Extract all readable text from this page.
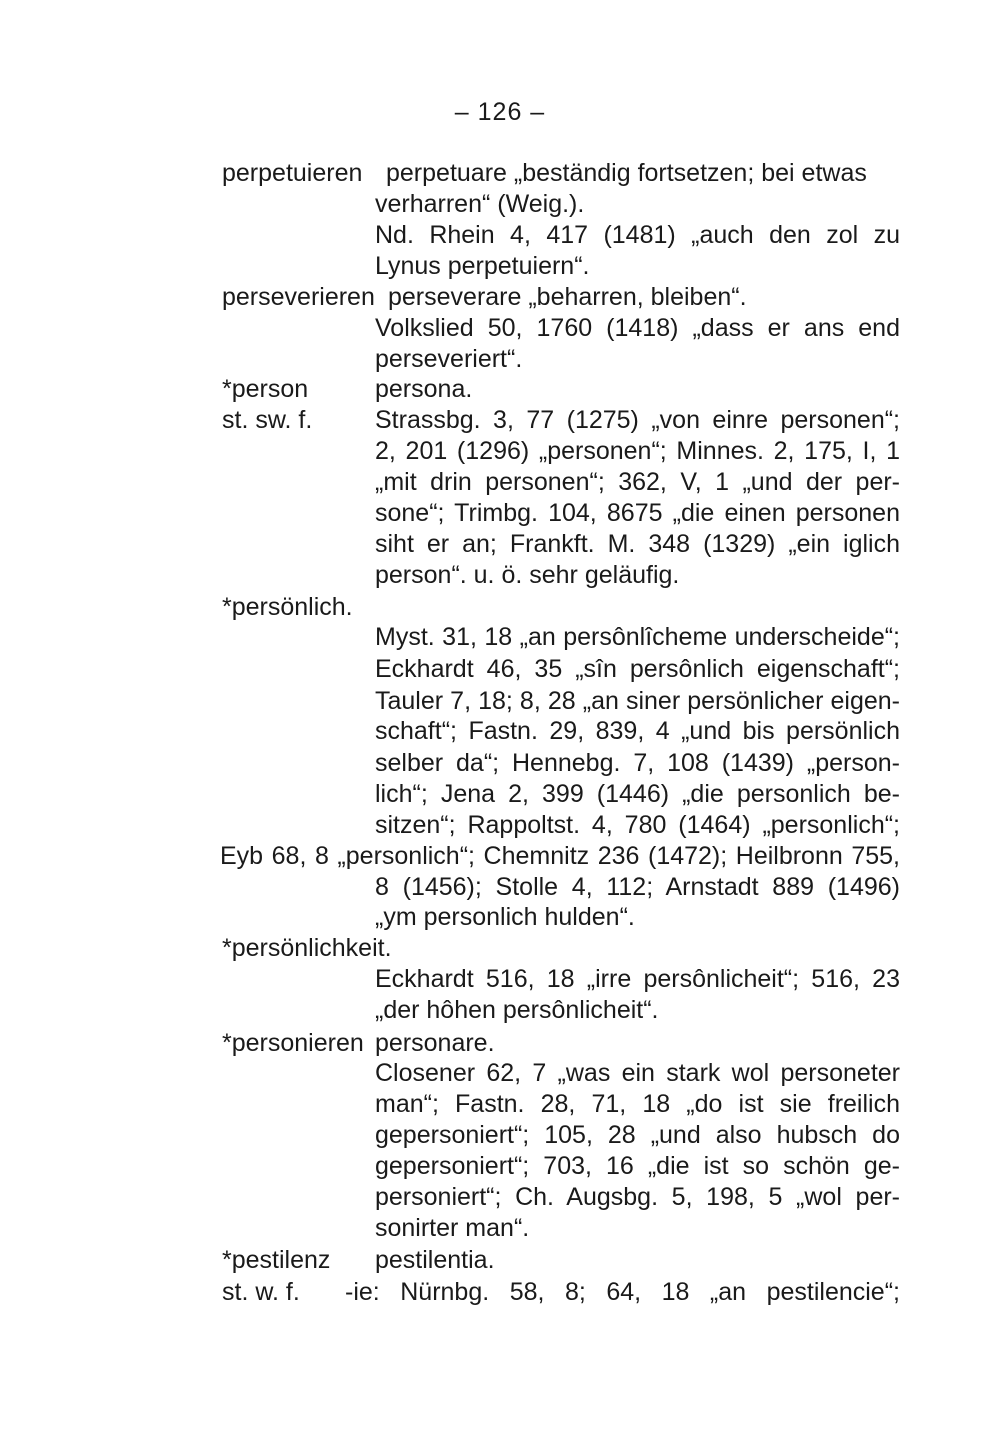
– 126 –
perpetuieren perpetuare „beständig fortsetzen; bei etwas
verharren“ (Weig.).
Nd. Rhein 4, 417 (1481) „auch den zol zu
Lynus perpetuiern“.
perseverieren perseverare „beharren, bleiben“.
Volkslied 50, 1760 (1418) „dass er ans end
perseveriert“.
*person	persona.
st. sw. f.	Strassbg. 3, 77 (1275) „von einre personen“;
2, 201 (1296) „personen“; Minnes. 2, 175, I, 1
„mit drin personen“; 362, V, 1 „und der per-
sone“; Trimbg. 104, 8675 „die einen personen
siht er an; Frankft. M. 348 (1329) „ein iglich
person“. u. ö. sehr geläufig.
*persönlich.
Myst. 31, 18 „an persônlîcheme underscheide“;
Eckhardt 46, 35 „sîn persônlich eigenschaft“;
Tauler 7, 18; 8, 28 „an siner persönlicher eigen-
schaft“; Fastn. 29, 839, 4 „und bis persönlich
selber da“; Hennebg. 7, 108 (1439) „person-
lich“; Jena 2, 399 (1446) „die personlich be-
sitzen“; Rappoltst. 4, 780 (1464) „personlich“;
Eyb 68, 8 „personlich“; Chemnitz 236 (1472); Heilbronn 755,
8 (1456); Stolle 4, 112; Arnstadt 889 (1496)
„ym personlich hulden“.
*persönlichkeit.
Eckhardt 516, 18 „irre persônlicheit“; 516, 23
„der hôhen persônlicheit“.
*personieren personare.
Closener 62, 7 „was ein stark wol personeter
man“; Fastn. 28, 71, 18 „do ist sie freilich
gepersoniert“; 105, 28 „und also hubsch do
gepersoniert“; 703, 16 „die ist so schön ge-
personiert“; Ch. Augsbg. 5, 198, 5 „wol per-
sonirter man“.
*pestilenz pestilentia.
st. w. f. -ie: Nürnbg. 58, 8; 64, 18 „an pestilencie“;
